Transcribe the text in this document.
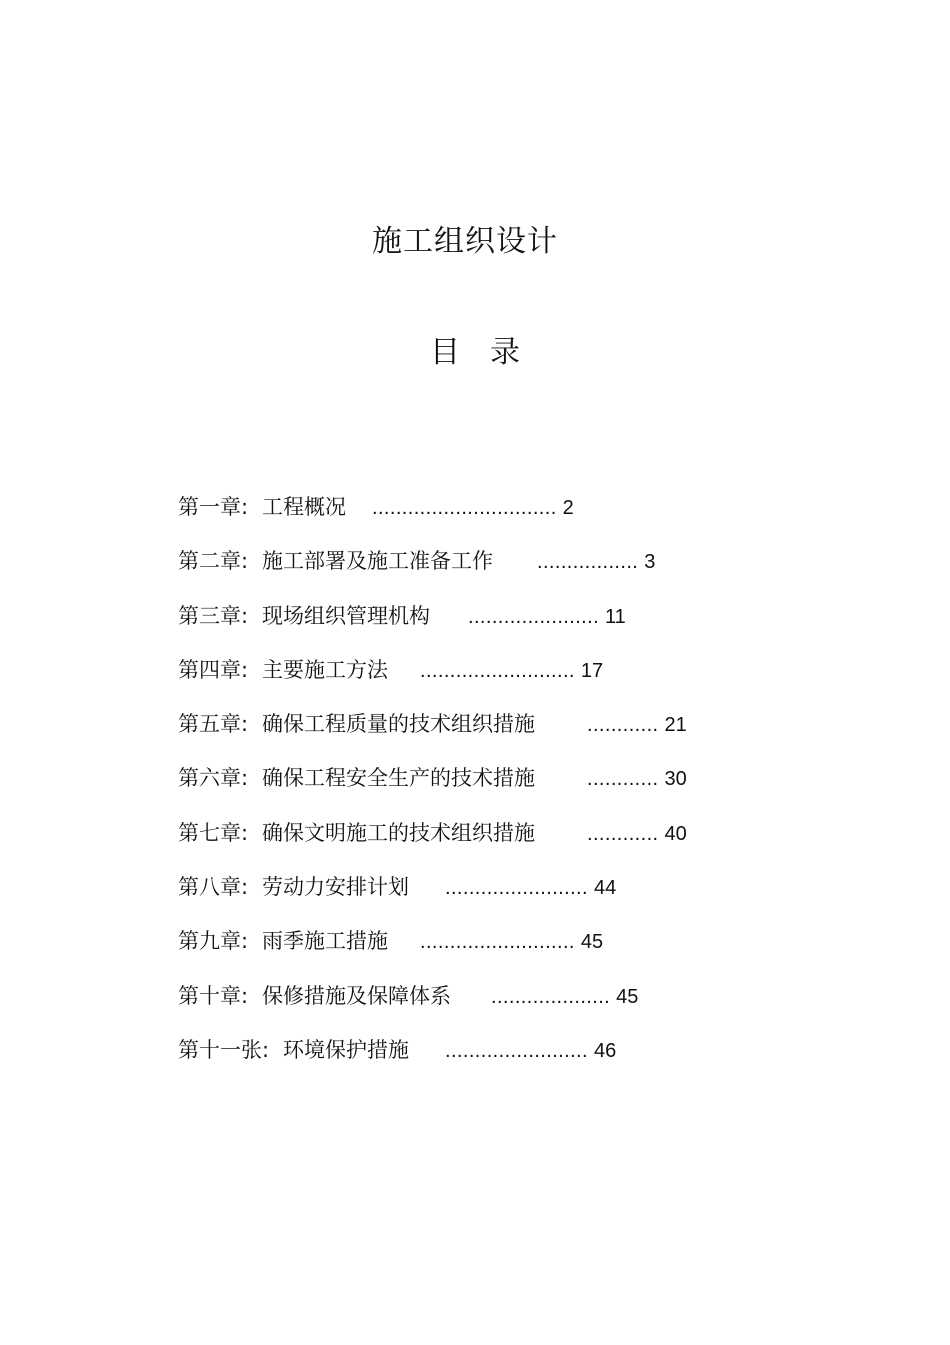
施工组织设计
目 录
第一章 : 工程概况 ............................... 2
第二章 : 施工部署及施工准备工作 ................. 3
第三章 : 现场组织管理机构 ...................... 11
第四章 : 主要施工方法 .......................... 17
第五章 : 确保工程质量的技术组织措施	............ 21
第六章 : 确保工程安全生产的技术措施	............ 30
第七章 : 确保文明施工的技术组织措施	............ 40
第八章 : 劳动力安排计划 ........................ 44
第九章 : 雨季施工措施 .......................... 45
第十章 : 保修措施及保障体系 .................... 45
第十一张 : 环境保护措施 ........................ 46
